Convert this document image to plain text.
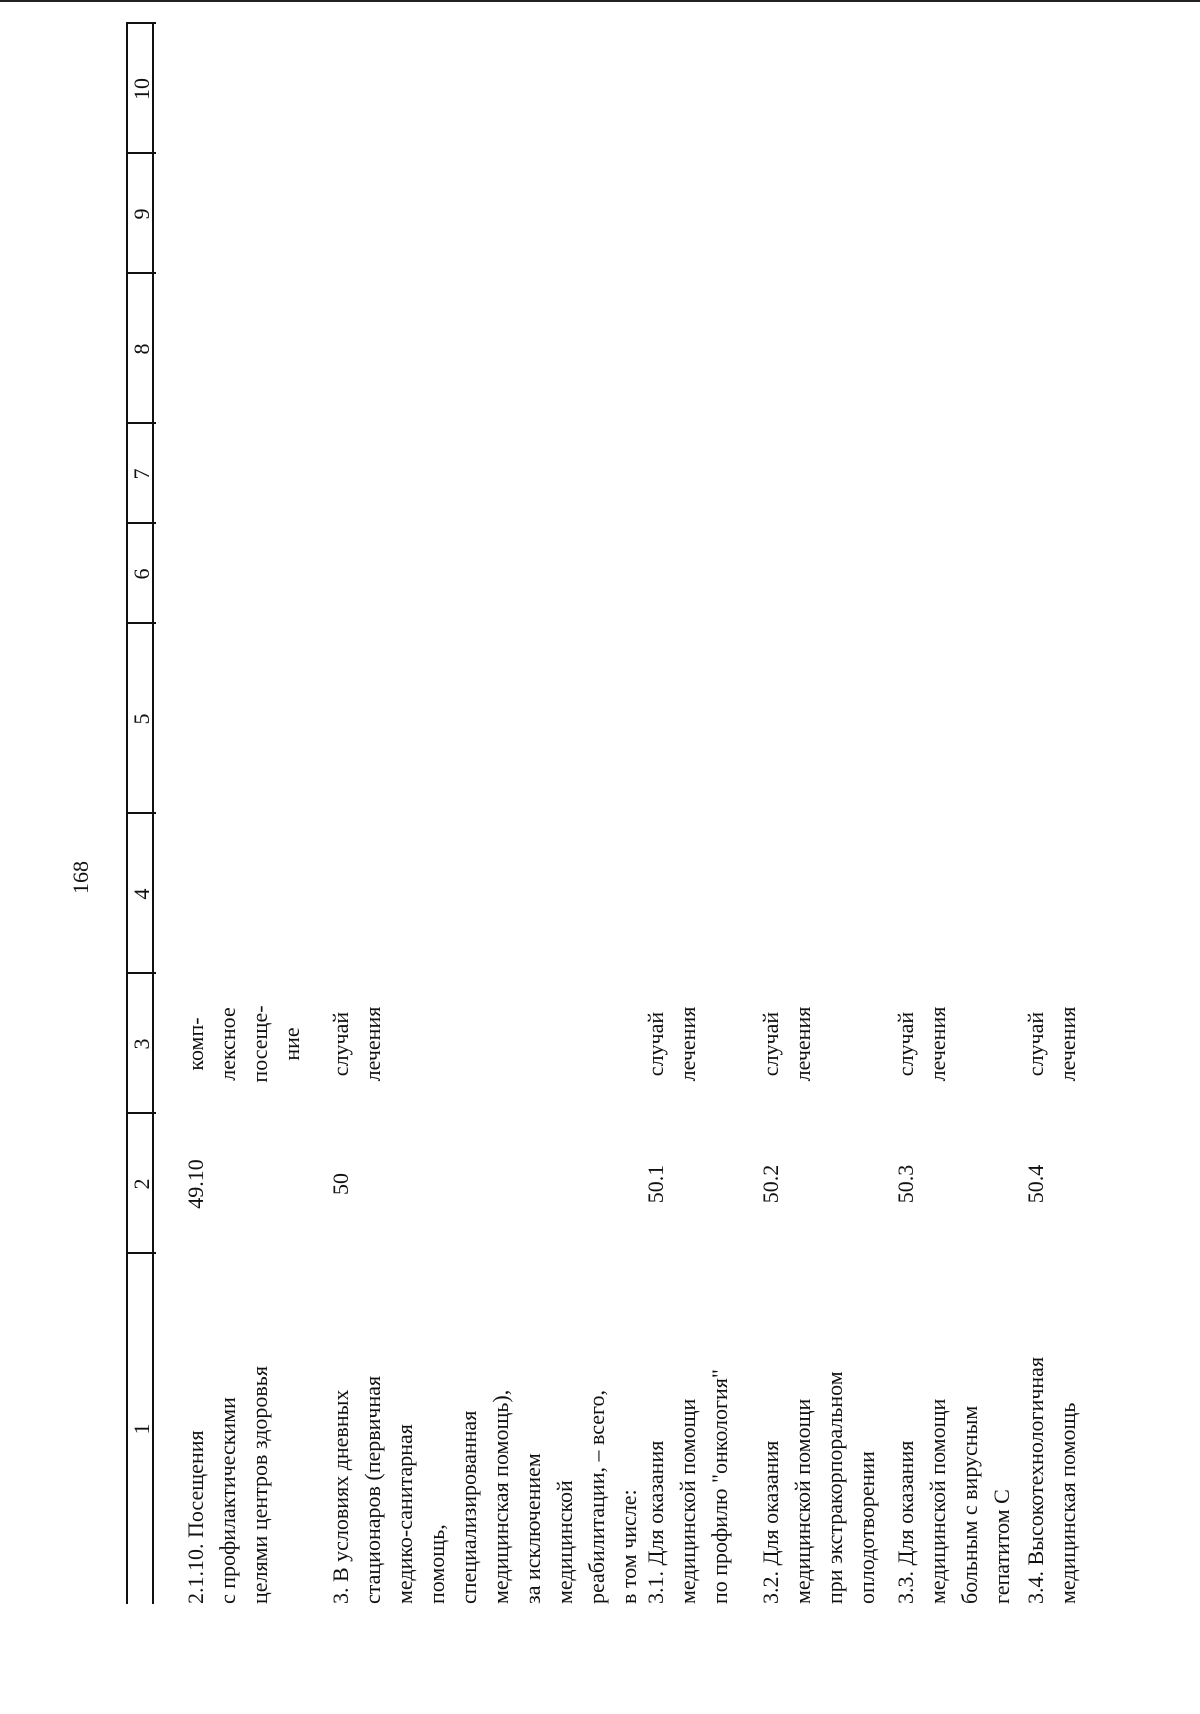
168
1
2
3
4
5
6
7
8
9
10
2.1.10. Посещения с профилактическими целями центров здоровья
49.10
комп- лексное посеще- ние
3. В условиях дневных стационаров (первичная медико-санитарная помощь, специализированная медицинская помощь), за исключением медицинской реабилитации, – всего, в том числе:
50
случай лечения
3.1. Для оказания медицинской помощи по профилю "онкология"
50.1
случай лечения
3.2. Для оказания медицинской помощи при экстракорпоральном оплодотворении
50.2
случай лечения
3.3. Для оказания медицинской помощи больным с вирусным гепатитом С
50.3
случай лечения
3.4. Высокотехнологичная медицинская помощь
50.4
случай лечения
